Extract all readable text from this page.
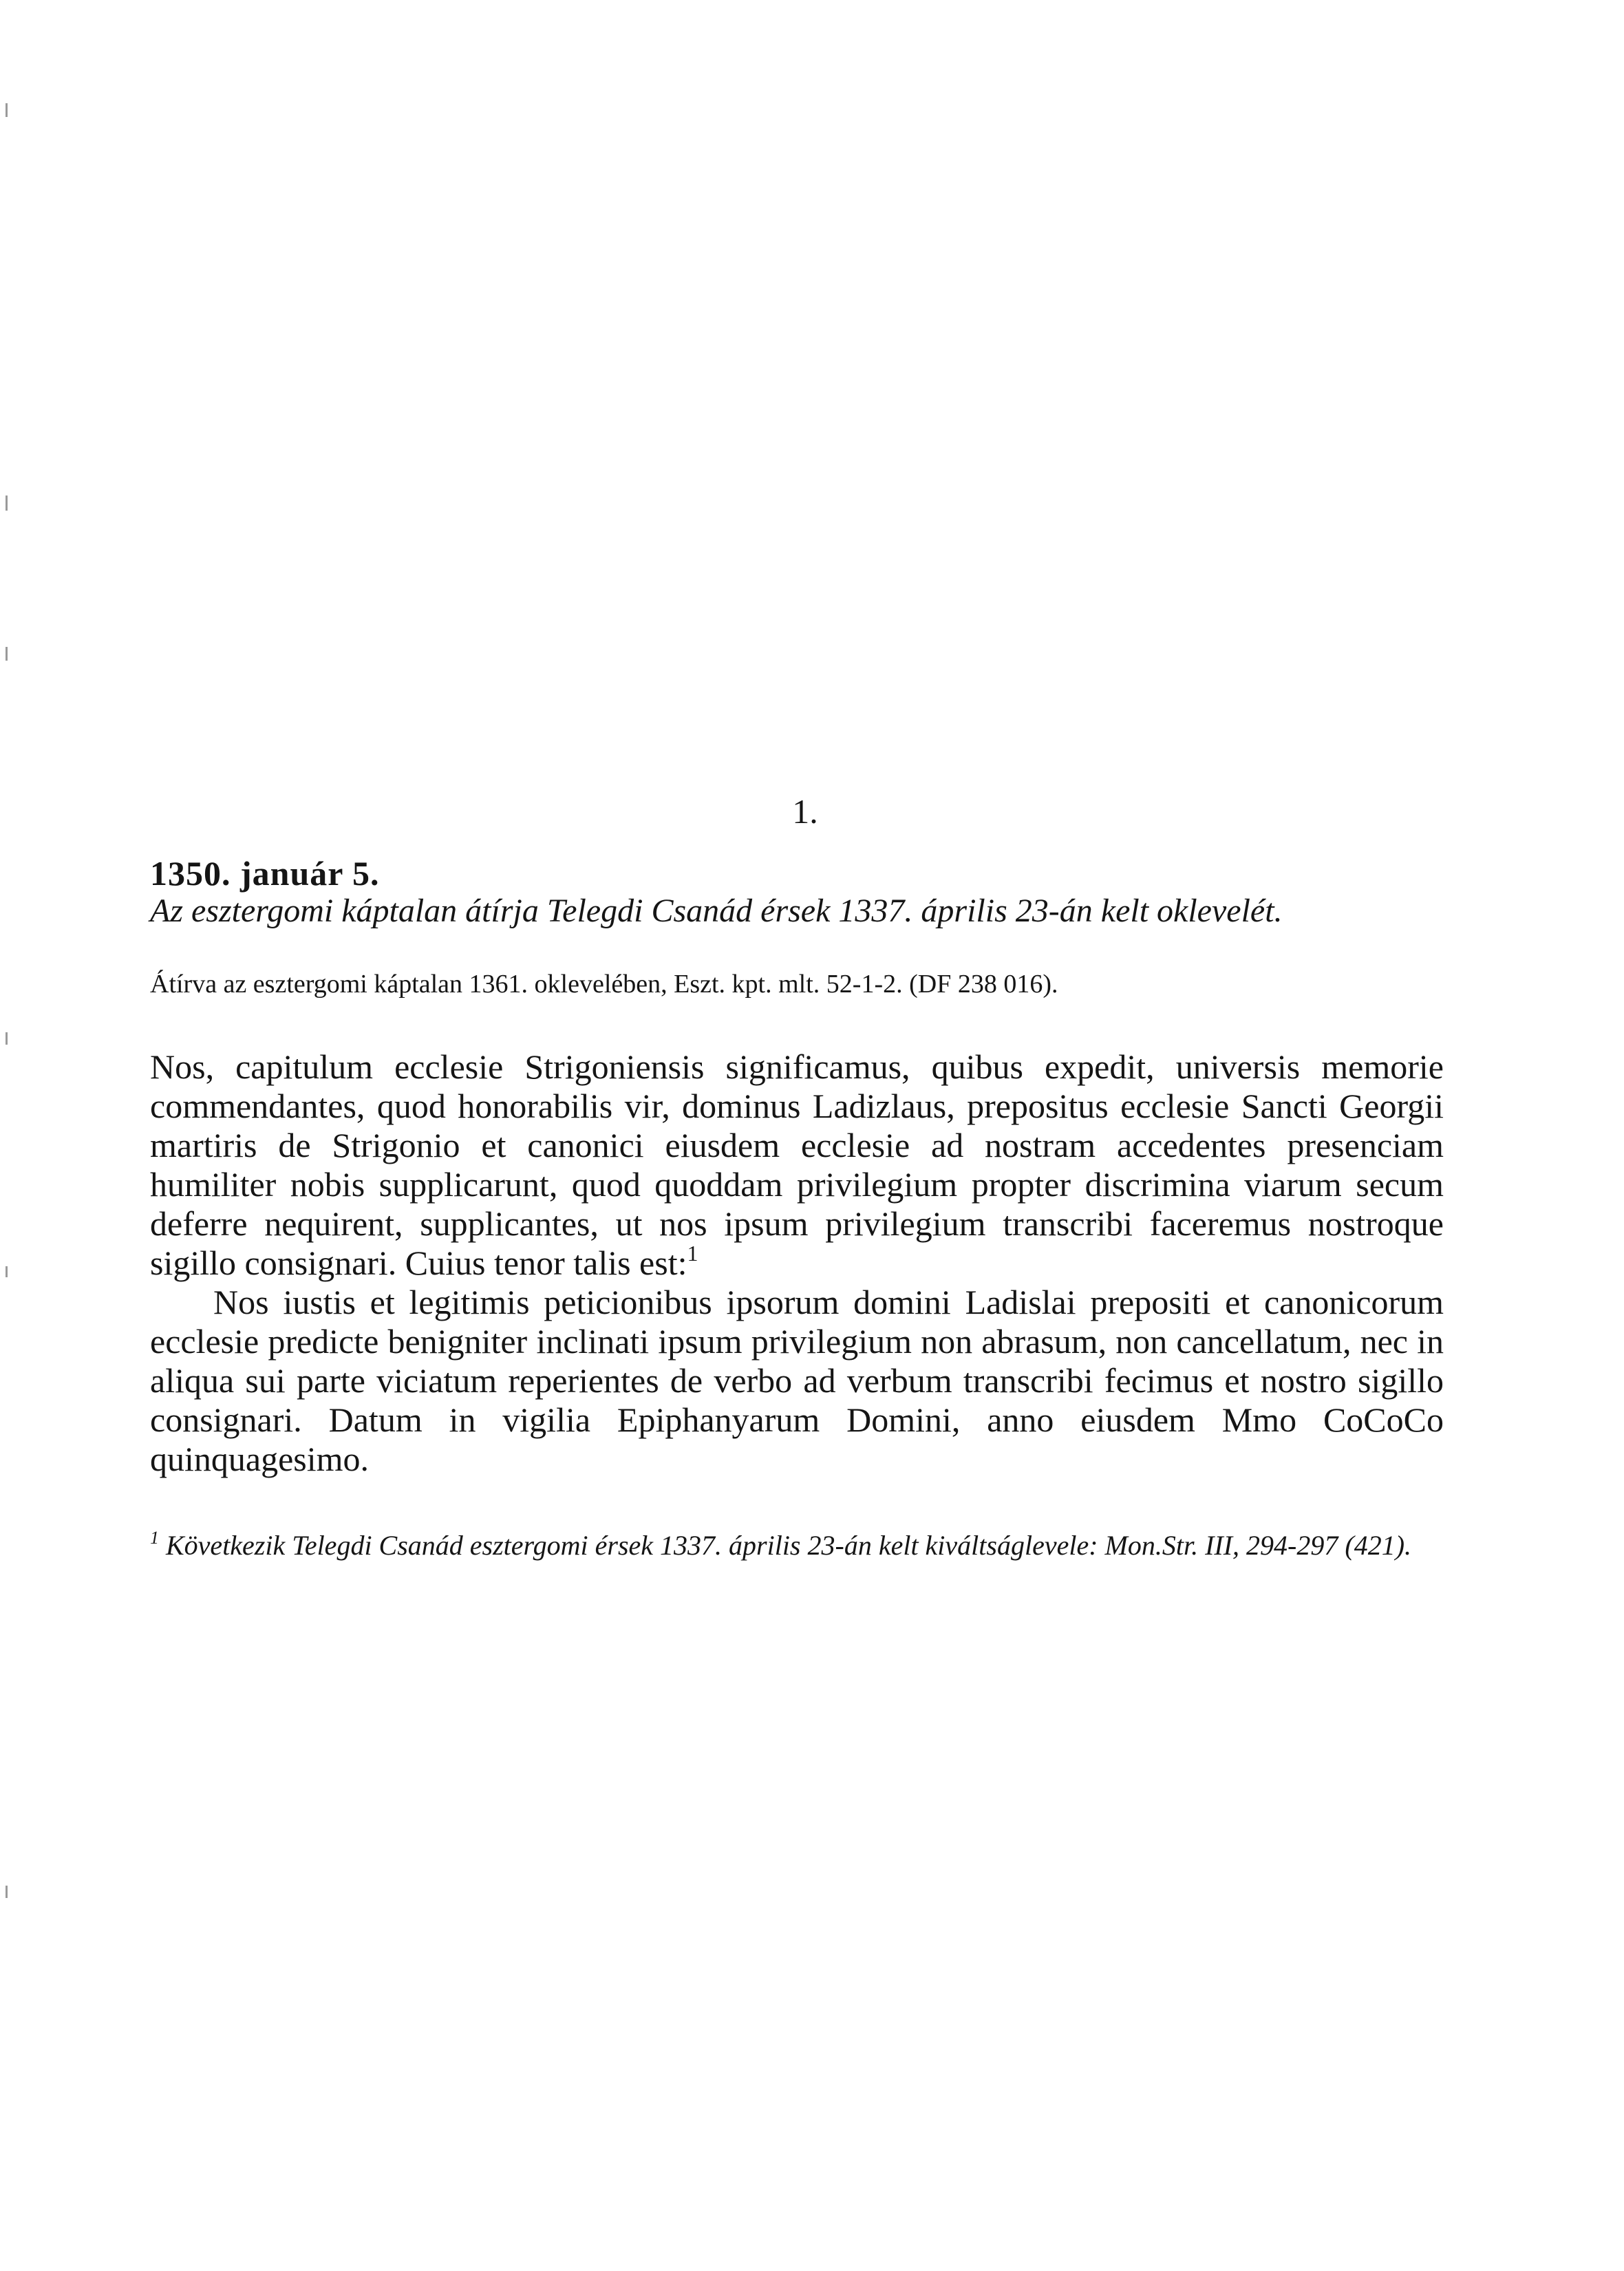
1.
1350. január 5.
Az esztergomi káptalan átírja Telegdi Csanád érsek 1337. április 23-án kelt oklevelét.
Átírva az esztergomi káptalan 1361. oklevelében, Eszt. kpt. mlt. 52-1-2. (DF 238 016).

Nos, capitulum ecclesie Strigoniensis significamus, quibus expedit, universis memorie commendantes, quod honorabilis vir, dominus Ladizlaus, prepositus ecclesie Sancti Georgii martiris de Strigonio et canonici eiusdem ecclesie ad nostram accedentes presenciam humiliter nobis supplicarunt, quod quoddam privilegium propter discrimina viarum secum deferre nequirent, supplicantes, ut nos ipsum privilegium transcribi faceremus nostroque sigillo consignari. Cuius tenor talis est:$^1$

Nos iustis et legitimis peticionibus ipsorum domini Ladislai prepositi et canonicorum ecclesie predicte benigniter inclinati ipsum privilegium non abrasum, non cancellatum, nec in aliqua sui parte viciatum reperientes de verbo ad verbum transcribi fecimus et nostro sigillo consignari. Datum in vigilia Epiphanyarum Domini, anno eiusdem Mmo CoCoCo quinquagesimo.

$^1$ Következik Telegdi Csanád esztergomi érsek 1337. április 23-án kelt kiváltságlevele: Mon.Str. III, 294-297 (421).
